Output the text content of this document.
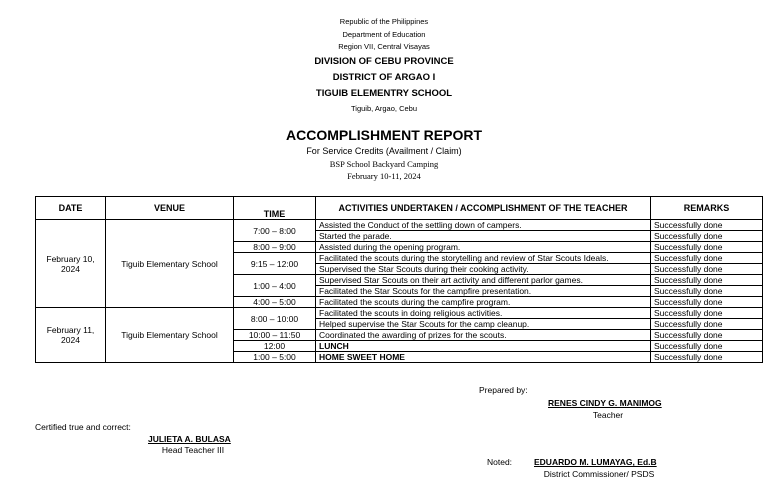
Republic of the Philippines
Department of Education
Region VII, Central Visayas
DIVISION OF CEBU PROVINCE
DISTRICT OF ARGAO I
TIGUIB ELEMENTRY SCHOOL
Tiguib, Argao, Cebu
ACCOMPLISHMENT REPORT
For Service Credits (Availment / Claim)
BSP School Backyard Camping
February 10-11, 2024
DATE	VENUE	TIME	ACTIVITIES UNDERTAKEN / ACCOMPLISHMENT OF THE TEACHER	REMARKS
February 10, 2024	Tiguib Elementary School	7:00 – 8:00	Assisted the Conduct of the settling down of campers.	Successfully done
			Started the parade.	Successfully done
		8:00 – 9:00	Assisted during the opening program.	Successfully done
		9:15 – 12:00	Facilitated the scouts during the storytelling and review of Star Scouts Ideals.	Successfully done
			Supervised the Star Scouts during their cooking activity.	Successfully done
		1:00 – 4:00	Supervised Star Scouts on their art activity and different parlor games.	Successfully done
			Facilitated the Star Scouts for the campfire presentation.	Successfully done
		4:00 – 5:00	Facilitated the scouts during the campfire program.	Successfully done
February 11, 2024	Tiguib Elementary School	8:00 – 10:00	Facilitated the scouts in doing religious activities.	Successfully done
			Helped supervise the Star Scouts for the camp cleanup.	Successfully done
		10:00 – 11:50	Coordinated the awarding of prizes for the scouts.	Successfully done
		12:00	LUNCH	Successfully done
		1:00 – 5:00	HOME SWEET HOME	Successfully done
Prepared by:
RENES CINDY G. MANIMOG
Teacher
Certified true and correct:
JULIETA A. BULASA
Head Teacher III
Noted:	EDUARDO M. LUMAYAG, Ed.B
District Commissioner/ PSDS
